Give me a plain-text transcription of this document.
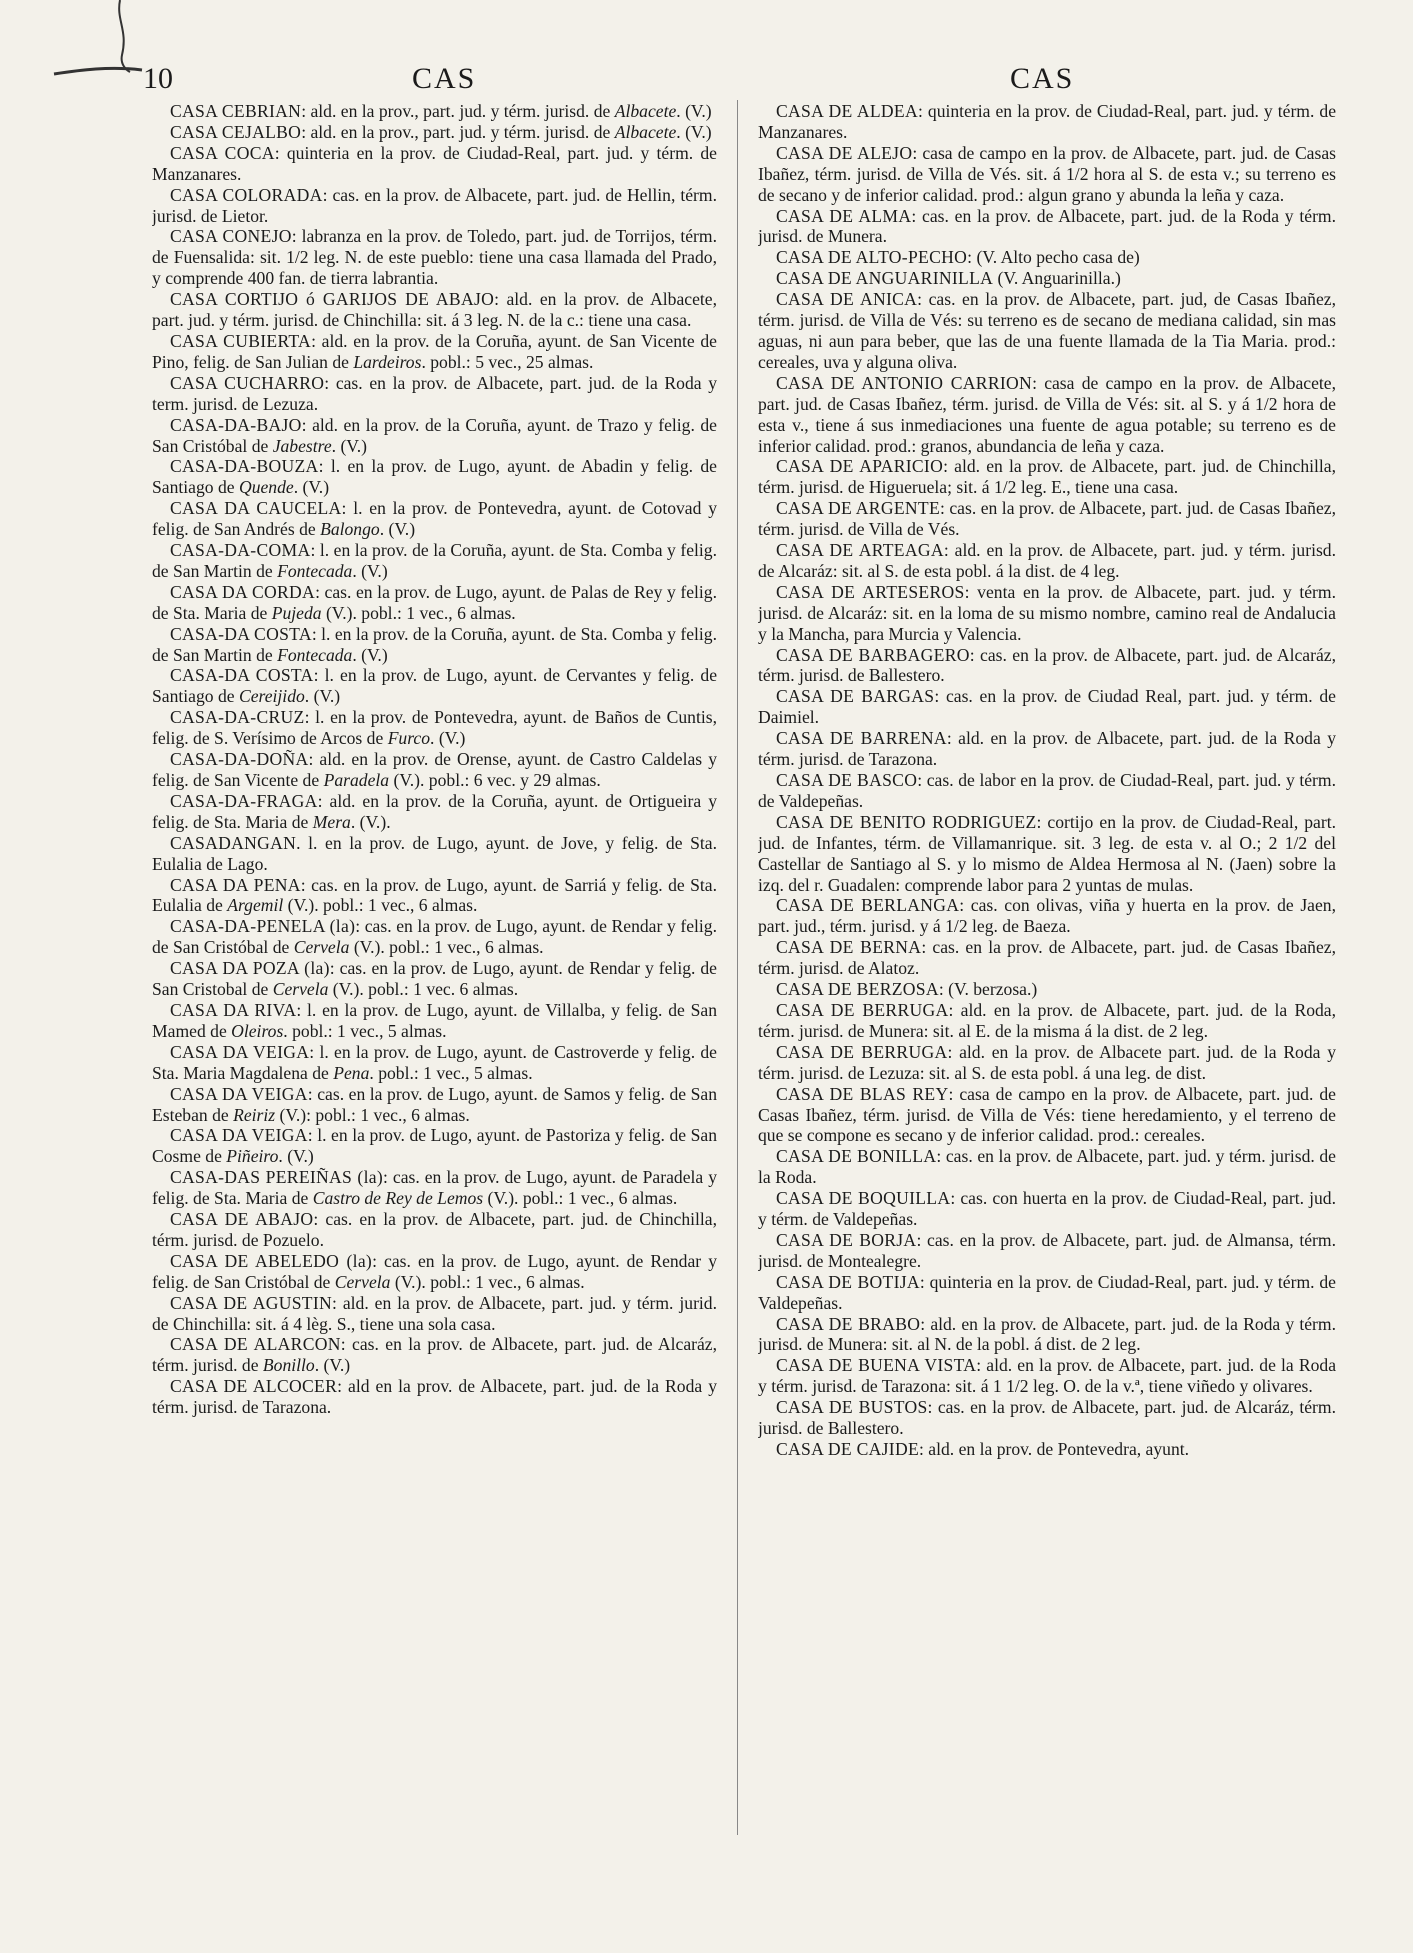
10	CAS	CAS

CASA CEBRIAN: ald. en la prov., part. jud. y térm. jurisd. de Albacete. (V.)

CASA CEJALBO: ald. en la prov., part. jud. y térm. jurisd. de Albacete. (V.)

CASA COCA: quinteria en la prov. de Ciudad-Real, part. jud. y térm. de Manzanares.

CASA COLORADA: cas. en la prov. de Albacete, part. jud. de Hellin, térm. jurisd. de Lietor.

CASA CONEJO: labranza en la prov. de Toledo, part. jud. de Torrijos, térm. de Fuensalida: sit. 1/2 leg. N. de este pueblo: tiene una casa llamada del Prado, y comprende 400 fan. de tierra labrantia.

CASA CORTIJO ó GARIJOS DE ABAJO: ald. en la prov. de Albacete, part. jud. y térm. jurisd. de Chinchilla: sit. á 3 leg. N. de la c.: tiene una casa.

CASA CUBIERTA: ald. en la prov. de la Coruña, ayunt. de San Vicente de Pino, felig. de San Julian de Lardeiros. pobl.: 5 vec., 25 almas.

CASA CUCHARRO: cas. en la prov. de Albacete, part. jud. de la Roda y term. jurisd. de Lezuza.

CASA-DA-BAJO: ald. en la prov. de la Coruña, ayunt. de Trazo y felig. de San Cristóbal de Jabestre. (V.)

CASA-DA-BOUZA: l. en la prov. de Lugo, ayunt. de Abadin y felig. de Santiago de Quende. (V.)

CASA DA CAUCELA: l. en la prov. de Pontevedra, ayunt. de Cotovad y felig. de San Andrés de Balongo. (V.)

CASA-DA-COMA: l. en la prov. de la Coruña, ayunt. de Sta. Comba y felig. de San Martin de Fontecada. (V.)

CASA DA CORDA: cas. en la prov. de Lugo, ayunt. de Palas de Rey y felig. de Sta. Maria de Pujeda (V.). pobl.: 1 vec., 6 almas.

CASA-DA COSTA: l. en la prov. de la Coruña, ayunt. de Sta. Comba y felig. de San Martin de Fontecada. (V.)

CASA-DA COSTA: l. en la prov. de Lugo, ayunt. de Cervantes y felig. de Santiago de Cereijido. (V.)

CASA-DA-CRUZ: l. en la prov. de Pontevedra, ayunt. de Baños de Cuntis, felig. de S. Verísimo de Arcos de Furco. (V.)

CASA-DA-DOÑA: ald. en la prov. de Orense, ayunt. de Castro Caldelas y felig. de San Vicente de Paradela (V.). pobl.: 6 vec. y 29 almas.

CASA-DA-FRAGA: ald. en la prov. de la Coruña, ayunt. de Ortigueira y felig. de Sta. Maria de Mera. (V.).

CASADANGAN. l. en la prov. de Lugo, ayunt. de Jove, y felig. de Sta. Eulalia de Lago.

CASA DA PENA: cas. en la prov. de Lugo, ayunt. de Sarriá y felig. de Sta. Eulalia de Argemil (V.). pobl.: 1 vec., 6 almas.

CASA-DA-PENELA (la): cas. en la prov. de Lugo, ayunt. de Rendar y felig. de San Cristóbal de Cervela (V.). pobl.: 1 vec., 6 almas.

CASA DA POZA (la): cas. en la prov. de Lugo, ayunt. de Rendar y felig. de San Cristobal de Cervela (V.). pobl.: 1 vec. 6 almas.

CASA DA RIVA: l. en la prov. de Lugo, ayunt. de Villalba, y felig. de San Mamed de Oleiros. pobl.: 1 vec., 5 almas.

CASA DA VEIGA: l. en la prov. de Lugo, ayunt. de Castroverde y felig. de Sta. Maria Magdalena de Pena. pobl.: 1 vec., 5 almas.

CASA DA VEIGA: cas. en la prov. de Lugo, ayunt. de Samos y felig. de San Esteban de Reiriz (V.): pobl.: 1 vec., 6 almas.

CASA DA VEIGA: l. en la prov. de Lugo, ayunt. de Pastoriza y felig. de San Cosme de Piñeiro. (V.)

CASA-DAS PEREIÑAS (la): cas. en la prov. de Lugo, ayunt. de Paradela y felig. de Sta. Maria de Castro de Rey de Lemos (V.). pobl.: 1 vec., 6 almas.

CASA DE ABAJO: cas. en la prov. de Albacete, part. jud. de Chinchilla, térm. jurisd. de Pozuelo.

CASA DE ABELEDO (la): cas. en la prov. de Lugo, ayunt. de Rendar y felig. de San Cristóbal de Cervela (V.). pobl.: 1 vec., 6 almas.

CASA DE AGUSTIN: ald. en la prov. de Albacete, part. jud. y térm. jurid. de Chinchilla: sit. á 4 lèg. S., tiene una sola casa.

CASA DE ALARCON: cas. en la prov. de Albacete, part. jud. de Alcaráz, térm. jurisd. de Bonillo. (V.)

CASA DE ALCOCER: ald en la prov. de Albacete, part. jud. de la Roda y térm. jurisd. de Tarazona.

CASA DE ALDEA: quinteria en la prov. de Ciudad-Real, part. jud. y térm. de Manzanares.

CASA DE ALEJO: casa de campo en la prov. de Albacete, part. jud. de Casas Ibañez, térm. jurisd. de Villa de Vés. sit. á 1/2 hora al S. de esta v.; su terreno es de secano y de inferior calidad. prod.: algun grano y abunda la leña y caza.

CASA DE ALMA: cas. en la prov. de Albacete, part. jud. de la Roda y térm. jurisd. de Munera.

CASA DE ALTO-PECHO: (V. Alto pecho casa de)

CASA DE ANGUARINILLA (V. Anguarinilla.)

CASA DE ANICA: cas. en la prov. de Albacete, part. jud, de Casas Ibañez, térm. jurisd. de Villa de Vés: su terreno es de secano de mediana calidad, sin mas aguas, ni aun para beber, que las de una fuente llamada de la Tia Maria. prod.: cereales, uva y alguna oliva.

CASA DE ANTONIO CARRION: casa de campo en la prov. de Albacete, part. jud. de Casas Ibañez, térm. jurisd. de Villa de Vés: sit. al S. y á 1/2 hora de esta v., tiene á sus inmediaciones una fuente de agua potable; su terreno es de inferior calidad. prod.: granos, abundancia de leña y caza.

CASA DE APARICIO: ald. en la prov. de Albacete, part. jud. de Chinchilla, térm. jurisd. de Higueruela; sit. á 1/2 leg. E., tiene una casa.

CASA DE ARGENTE: cas. en la prov. de Albacete, part. jud. de Casas Ibañez, térm. jurisd. de Villa de Vés.

CASA DE ARTEAGA: ald. en la prov. de Albacete, part. jud. y térm. jurisd. de Alcaráz: sit. al S. de esta pobl. á la dist. de 4 leg.

CASA DE ARTESEROS: venta en la prov. de Albacete, part. jud. y térm. jurisd. de Alcaráz: sit. en la loma de su mismo nombre, camino real de Andalucia y la Mancha, para Murcia y Valencia.

CASA DE BARBAGERO: cas. en la prov. de Albacete, part. jud. de Alcaráz, térm. jurisd. de Ballestero.

CASA DE BARGAS: cas. en la prov. de Ciudad Real, part. jud. y térm. de Daimiel.

CASA DE BARRENA: ald. en la prov. de Albacete, part. jud. de la Roda y térm. jurisd. de Tarazona.

CASA DE BASCO: cas. de labor en la prov. de Ciudad-Real, part. jud. y térm. de Valdepeñas.

CASA DE BENITO RODRIGUEZ: cortijo en la prov. de Ciudad-Real, part. jud. de Infantes, térm. de Villamanrique. sit. 3 leg. de esta v. al O.; 2 1/2 del Castellar de Santiago al S. y lo mismo de Aldea Hermosa al N. (Jaen) sobre la izq. del r. Guadalen: comprende labor para 2 yuntas de mulas.

CASA DE BERLANGA: cas. con olivas, viña y huerta en la prov. de Jaen, part. jud., térm. jurisd. y á 1/2 leg. de Baeza.

CASA DE BERNA: cas. en la prov. de Albacete, part. jud. de Casas Ibañez, térm. jurisd. de Alatoz.

CASA DE BERZOSA: (V. berzosa.)

CASA DE BERRUGA: ald. en la prov. de Albacete, part. jud. de la Roda, térm. jurisd. de Munera: sit. al E. de la misma á la dist. de 2 leg.

CASA DE BERRUGA: ald. en la prov. de Albacete part. jud. de la Roda y térm. jurisd. de Lezuza: sit. al S. de esta pobl. á una leg. de dist.

CASA DE BLAS REY: casa de campo en la prov. de Albacete, part. jud. de Casas Ibañez, térm. jurisd. de Villa de Vés: tiene heredamiento, y el terreno de que se compone es secano y de inferior calidad. prod.: cereales.

CASA DE BONILLA: cas. en la prov. de Albacete, part. jud. y térm. jurisd. de la Roda.

CASA DE BOQUILLA: cas. con huerta en la prov. de Ciudad-Real, part. jud. y térm. de Valdepeñas.

CASA DE BORJA: cas. en la prov. de Albacete, part. jud. de Almansa, térm. jurisd. de Montealegre.

CASA DE BOTIJA: quinteria en la prov. de Ciudad-Real, part. jud. y térm. de Valdepeñas.

CASA DE BRABO: ald. en la prov. de Albacete, part. jud. de la Roda y térm. jurisd. de Munera: sit. al N. de la pobl. á dist. de 2 leg.

CASA DE BUENA VISTA: ald. en la prov. de Albacete, part. jud. de la Roda y térm. jurisd. de Tarazona: sit. á 1 1/2 leg. O. de la v.ª, tiene viñedo y olivares.

CASA DE BUSTOS: cas. en la prov. de Albacete, part. jud. de Alcaráz, térm. jurisd. de Ballestero.

CASA DE CAJIDE: ald. en la prov. de Pontevedra, ayunt.
